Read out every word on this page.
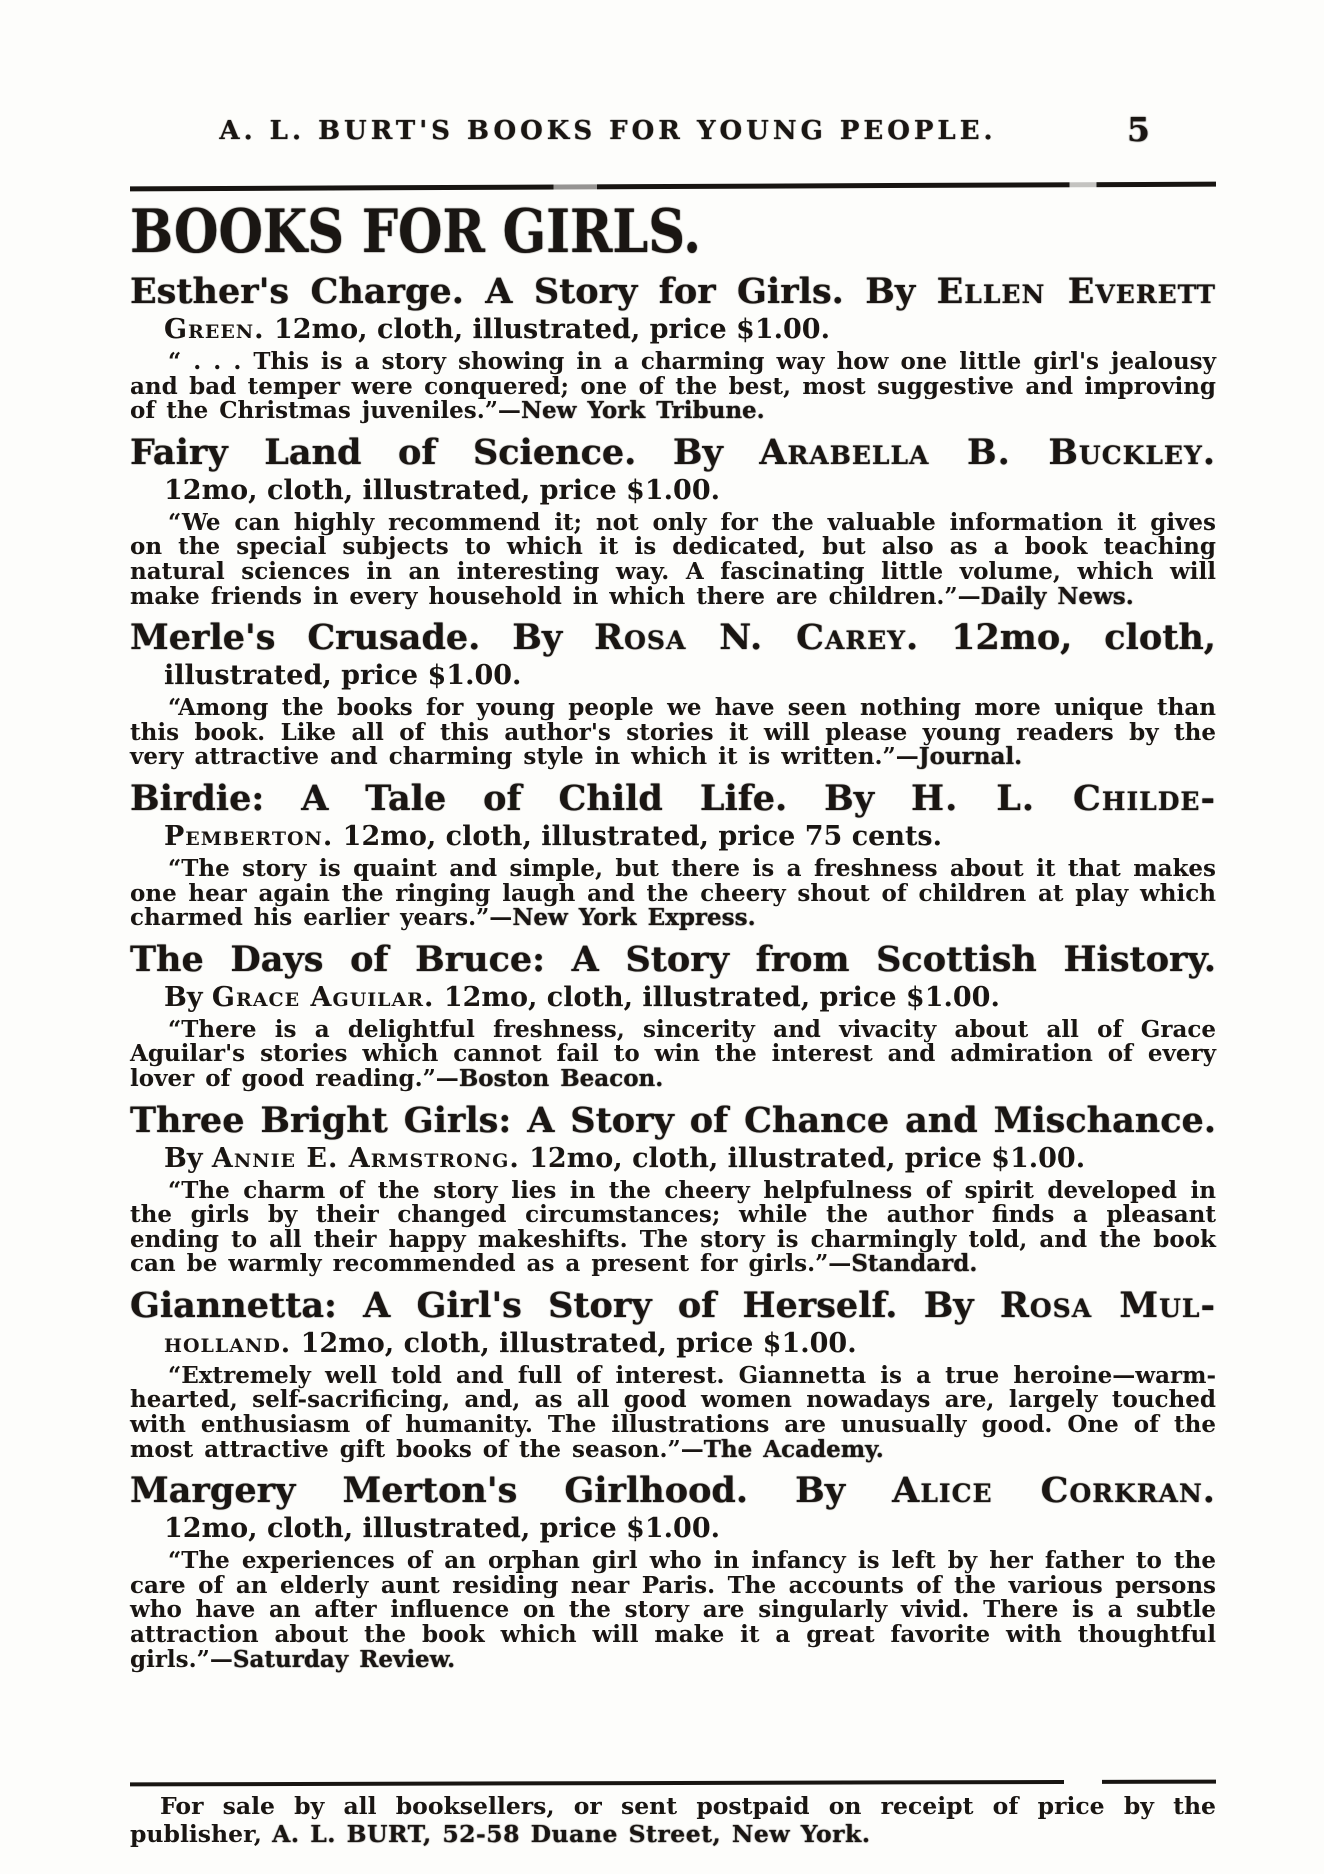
A. L. BURT'S BOOKS FOR YOUNG PEOPLE.	5
BOOKS FOR GIRLS.
Esther's Charge. A Story for Girls. By Ellen Everett
Green. 12mo, cloth, illustrated, price $1.00.

“ . . . This is a story showing in a charming way how one little girl's jealousy and bad temper were conquered; one of the best, most suggestive and improving of the Christmas juveniles.”—New York Tribune.

Fairy Land of Science. By Arabella B. Buckley.
12mo, cloth, illustrated, price $1.00.

“We can highly recommend it; not only for the valuable information it gives on the special subjects to which it is dedicated, but also as a book teaching natural sciences in an interesting way. A fascinating little volume, which will make friends in every household in which there are children.”—Daily News.

Merle's Crusade. By Rosa N. Carey. 12mo, cloth,
illustrated, price $1.00.

“Among the books for young people we have seen nothing more unique than this book. Like all of this author's stories it will please young readers by the very attractive and charming style in which it is written.”—Journal.

Birdie: A Tale of Child Life. By H. L. Childe-
Pemberton. 12mo, cloth, illustrated, price 75 cents.

“The story is quaint and simple, but there is a freshness about it that makes one hear again the ringing laugh and the cheery shout of children at play which charmed his earlier years.”—New York Express.

The Days of Bruce: A Story from Scottish History.
By Grace Aguilar. 12mo, cloth, illustrated, price $1.00.

“There is a delightful freshness, sincerity and vivacity about all of Grace Aguilar's stories which cannot fail to win the interest and admiration of every lover of good reading.”—Boston Beacon.

Three Bright Girls: A Story of Chance and Mischance.
By Annie E. Armstrong. 12mo, cloth, illustrated, price $1.00.

“The charm of the story lies in the cheery helpfulness of spirit developed in the girls by their changed circumstances; while the author finds a pleasant ending to all their happy makeshifts. The story is charmingly told, and the book can be warmly recommended as a present for girls.”—Standard.

Giannetta: A Girl's Story of Herself. By Rosa Mul-
holland. 12mo, cloth, illustrated, price $1.00.

“Extremely well told and full of interest. Giannetta is a true heroine—warm-hearted, self-sacrificing, and, as all good women nowadays are, largely touched with enthusiasm of humanity. The illustrations are unusually good. One of the most attractive gift books of the season.”—The Academy.

Margery Merton's Girlhood. By Alice Corkran.
12mo, cloth, illustrated, price $1.00.

“The experiences of an orphan girl who in infancy is left by her father to the care of an elderly aunt residing near Paris. The accounts of the various persons who have an after influence on the story are singularly vivid. There is a subtle attraction about the book which will make it a great favorite with thoughtful girls.”—Saturday Review.

For sale by all booksellers, or sent postpaid on receipt of price by the publisher, A. L. BURT, 52-58 Duane Street, New York.
